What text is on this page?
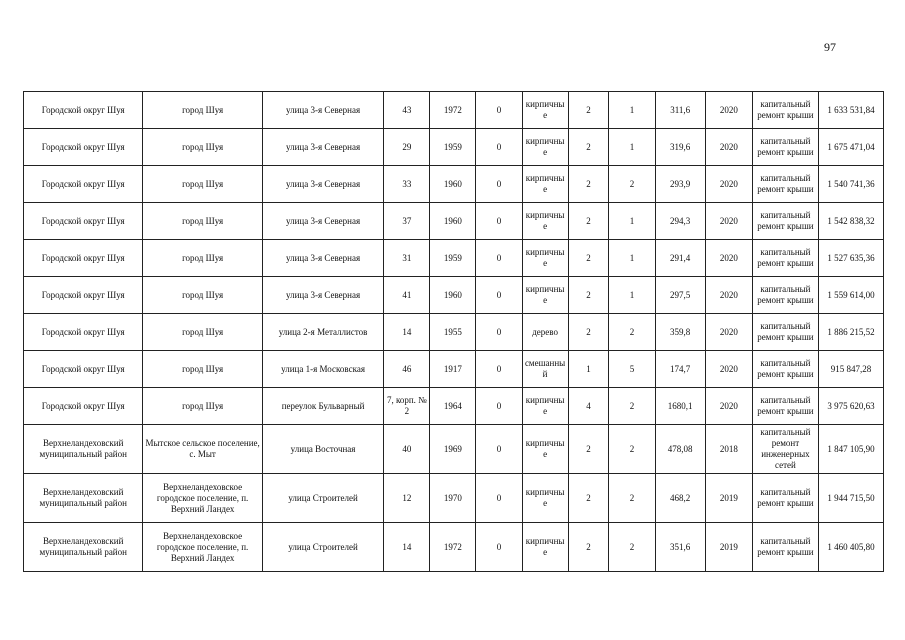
97
Городской округ Шуя	город Шуя	улица 3-я Северная	43	1972	0	кирпичные	2	1	311,6	2020	капитальный ремонт крыши	1 633 531,84
Городской округ Шуя	город Шуя	улица 3-я Северная	29	1959	0	кирпичные	2	1	319,6	2020	капитальный ремонт крыши	1 675 471,04
Городской округ Шуя	город Шуя	улица 3-я Северная	33	1960	0	кирпичные	2	2	293,9	2020	капитальный ремонт крыши	1 540 741,36
Городской округ Шуя	город Шуя	улица 3-я Северная	37	1960	0	кирпичные	2	1	294,3	2020	капитальный ремонт крыши	1 542 838,32
Городской округ Шуя	город Шуя	улица 3-я Северная	31	1959	0	кирпичные	2	1	291,4	2020	капитальный ремонт крыши	1 527 635,36
Городской округ Шуя	город Шуя	улица 3-я Северная	41	1960	0	кирпичные	2	1	297,5	2020	капитальный ремонт крыши	1 559 614,00
Городской округ Шуя	город Шуя	улица 2-я Металлистов	14	1955	0	дерево	2	2	359,8	2020	капитальный ремонт крыши	1 886 215,52
Городской округ Шуя	город Шуя	улица 1-я Московская	46	1917	0	смешанный	1	5	174,7	2020	капитальный ремонт крыши	915 847,28
Городской округ Шуя	город Шуя	переулок Бульварный	7, корп. № 2	1964	0	кирпичные	4	2	1680,1	2020	капитальный ремонт крыши	3 975 620,63
Верхнеландеховский муниципальный район	Мытское сельское поселение, с. Мыт	улица Восточная	40	1969	0	кирпичные	2	2	478,08	2018	капитальный ремонт инженерных сетей	1 847 105,90
Верхнеландеховский муниципальный район	Верхнеландеховское городское поселение, п. Верхний Ландех	улица Строителей	12	1970	0	кирпичные	2	2	468,2	2019	капитальный ремонт крыши	1 944 715,50
Верхнеландеховский муниципальный район	Верхнеландеховское городское поселение, п. Верхний Ландех	улица Строителей	14	1972	0	кирпичные	2	2	351,6	2019	капитальный ремонт крыши	1 460 405,80
